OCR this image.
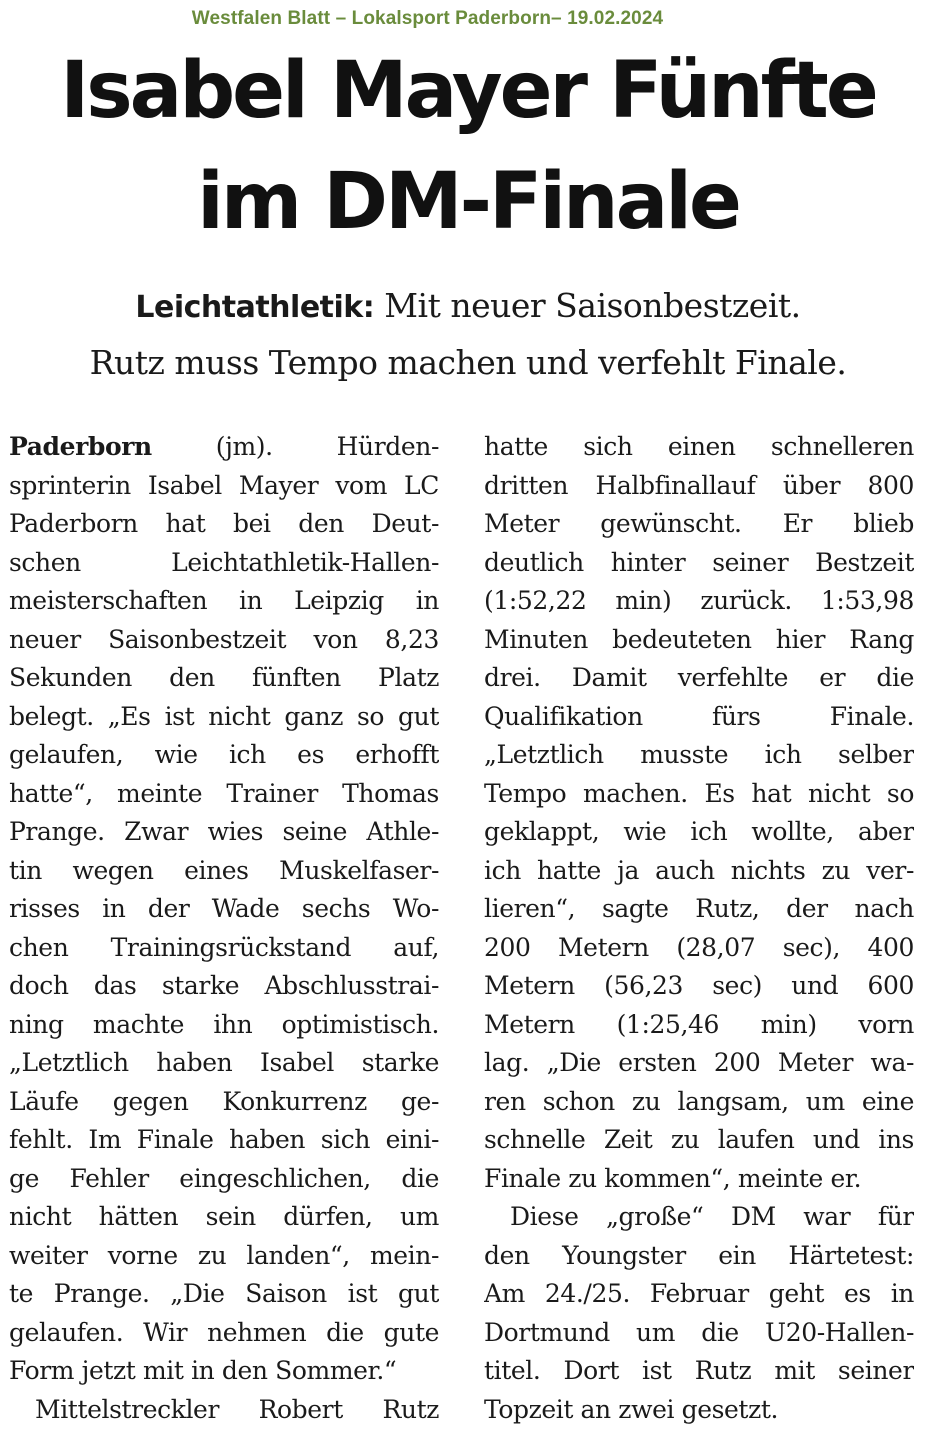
Westfalen Blatt – Lokalsport Paderborn– 19.02.2024
Isabel Mayer Fünfte
im DM-Finale
Leichtathletik: Mit neuer Saisonbestzeit.
Rutz muss Tempo machen und verfehlt Finale.
Paderborn (jm). Hürden-
sprinterin Isabel Mayer vom LC
Paderborn hat bei den Deut-
schen Leichtathletik-Hallen-
meisterschaften in Leipzig in
neuer Saisonbestzeit von 8,23
Sekunden den fünften Platz
belegt. „Es ist nicht ganz so gut
gelaufen, wie ich es erhofft
hatte“, meinte Trainer Thomas
Prange. Zwar wies seine Athle-
tin wegen eines Muskelfaser-
risses in der Wade sechs Wo-
chen Trainingsrückstand auf,
doch das starke Abschlusstrai-
ning machte ihn optimistisch.
„Letztlich haben Isabel starke
Läufe gegen Konkurrenz ge-
fehlt. Im Finale haben sich eini-
ge Fehler eingeschlichen, die
nicht hätten sein dürfen, um
weiter vorne zu landen“, mein-
te Prange. „Die Saison ist gut
gelaufen. Wir nehmen die gute
Form jetzt mit in den Sommer.“
Mittelstreckler Robert Rutz
hatte sich einen schnelleren
dritten Halbfinallauf über 800
Meter gewünscht. Er blieb
deutlich hinter seiner Bestzeit
(1:52,22 min) zurück. 1:53,98
Minuten bedeuteten hier Rang
drei. Damit verfehlte er die
Qualifikation fürs Finale.
„Letztlich musste ich selber
Tempo machen. Es hat nicht so
geklappt, wie ich wollte, aber
ich hatte ja auch nichts zu ver-
lieren“, sagte Rutz, der nach
200 Metern (28,07 sec), 400
Metern (56,23 sec) und 600
Metern (1:25,46 min) vorn
lag. „Die ersten 200 Meter wa-
ren schon zu langsam, um eine
schnelle Zeit zu laufen und ins
Finale zu kommen“, meinte er.
Diese „große“ DM war für
den Youngster ein Härtetest:
Am 24./25. Februar geht es in
Dortmund um die U20-Hallen-
titel. Dort ist Rutz mit seiner
Topzeit an zwei gesetzt.
